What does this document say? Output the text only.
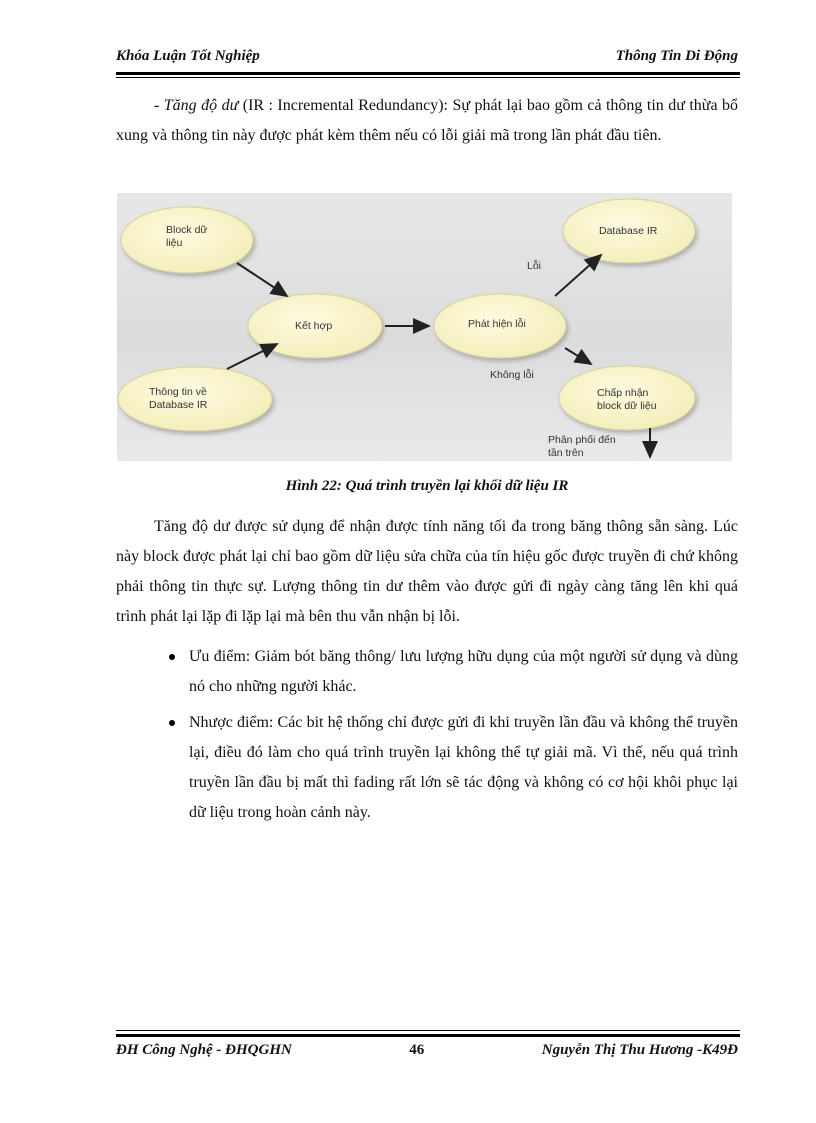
Khóa Luận Tốt Nghiệp	Thông Tin Di Động
- Tăng độ dư (IR : Incremental Redundancy): Sự phát lại bao gồm cả thông tin dư thừa bổ xung và thông tin này được phát kèm thêm nếu có lỗi giải mã trong lần phát đầu tiên.
Block dữ
liệu
Thông tin về
Database IR
Kết hợp	Phát hiện lỗi
Database IR
Chấp nhận
block dữ liệu
Lỗi
Không lỗi
Phân phối đến
tần trên
Hình 22: Quá trình truyền lại khối dữ liệu IR
Tăng độ dư được sử dụng để nhận được tính năng tối đa trong băng thông sẵn sàng. Lúc này block được phát lại chỉ bao gồm dữ liệu sửa chữa của tín hiệu gốc được truyền đi chứ không phải thông tin thực sự. Lượng thông tin dư thêm vào được gửi đi ngày càng tăng lên khi quá trình phát lại lặp đi lặp lại mà bên thu vẫn nhận bị lỗi.
Ưu điểm: Giảm bót băng thông/ lưu lượng hữu dụng của một người sử dụng và dùng nó cho những người khác.
Nhược điểm: Các bit hệ thống chỉ được gửi đi khi truyền lần đầu và không thể truyền lại, điều đó làm cho quá trình truyền lại không thể tự giải mã. Vì thế, nếu quá trình truyền lần đầu bị mất thì fading rất lớn sẽ tác động và không có cơ hội khôi phục lại dữ liệu trong hoàn cảnh này.
ĐH Công Nghệ - ĐHQGHN	46	Nguyễn Thị Thu Hương -K49Đ
